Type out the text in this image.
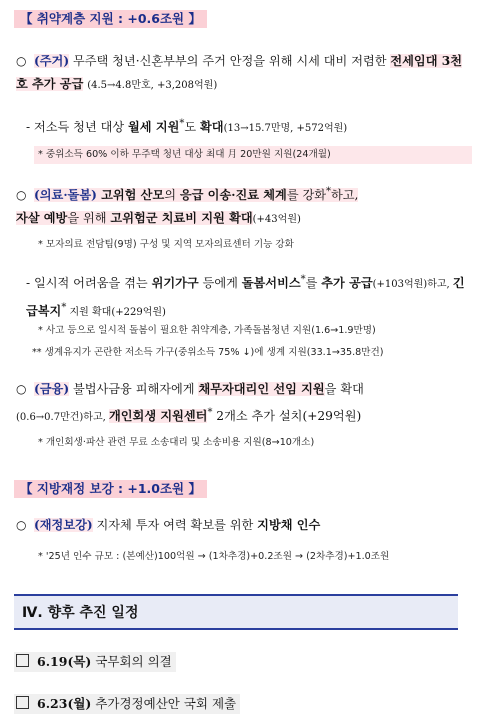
【 취약계층 지원 : +0.6조원 】
○ (주거) 무주택 청년·신혼부부의 주거 안정을 위해 시세 대비 저렴한 전세임대 3천호 추가 공급 (4.5→4.8만호, +3,208억원)
- 저소득 청년 대상 월세 지원*도 확대(13→15.7만명, +572억원)
* 중위소득 60% 이하 무주택 청년 대상 최대 月 20만원 지원(24개월)
○ (의료·돌봄) 고위험 산모의 응급 이송·진료 체계를 강화*하고,
자살 예방을 위해 고위험군 치료비 지원 확대(+43억원)
* 모자의료 전담팀(9명) 구성 및 지역 모자의료센터 기능 강화
- 일시적 어려움을 겪는 위기가구 등에게 돌봄서비스*를 추가 공급(+103억원)하고, 긴급복지* 지원 확대(+229억원)
* 사고 등으로 일시적 돌봄이 필요한 취약계층, 가족돌봄청년 지원(1.6→1.9만명)
** 생계유지가 곤란한 저소득 가구(중위소득 75% ↓)에 생계 지원(33.1→35.8만건)
○ (금융) 불법사금융 피해자에게 채무자대리인 선임 지원을 확대
(0.6→0.7만건)하고, 개인회생 지원센터* 2개소 추가 설치(+29억원)
* 개인회생·파산 관련 무료 소송대리 및 소송비용 지원(8→10개소)
【 지방재정 보강 : +1.0조원 】
○ (재정보강) 지자체 투자 여력 확보를 위한 지방채 인수
* '25년 인수 규모 : (본예산)100억원 → (1차추경)+0.2조원 → (2차추경)+1.0조원
Ⅳ. 향후 추진 일정
6.19(목) 국무회의 의결
6.23(월) 추가경정예산안 국회 제출
